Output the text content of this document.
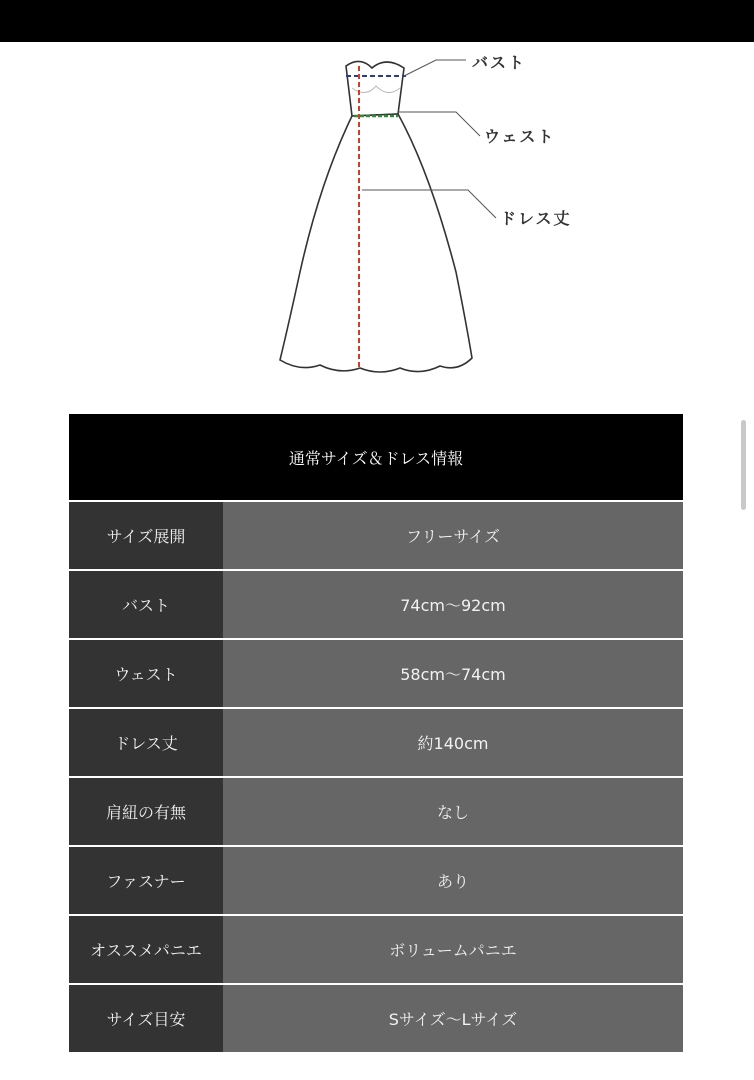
バスト
ウェスト
ドレス丈
通常サイズ＆ドレス情報
サイズ展開	フリーサイズ
バスト	74cm〜92cm
ウェスト	58cm〜74cm
ドレス丈	約140cm
肩紐の有無	なし
ファスナー	あり
オススメパニエ	ボリュームパニエ
サイズ目安	Sサイズ〜Lサイズ
